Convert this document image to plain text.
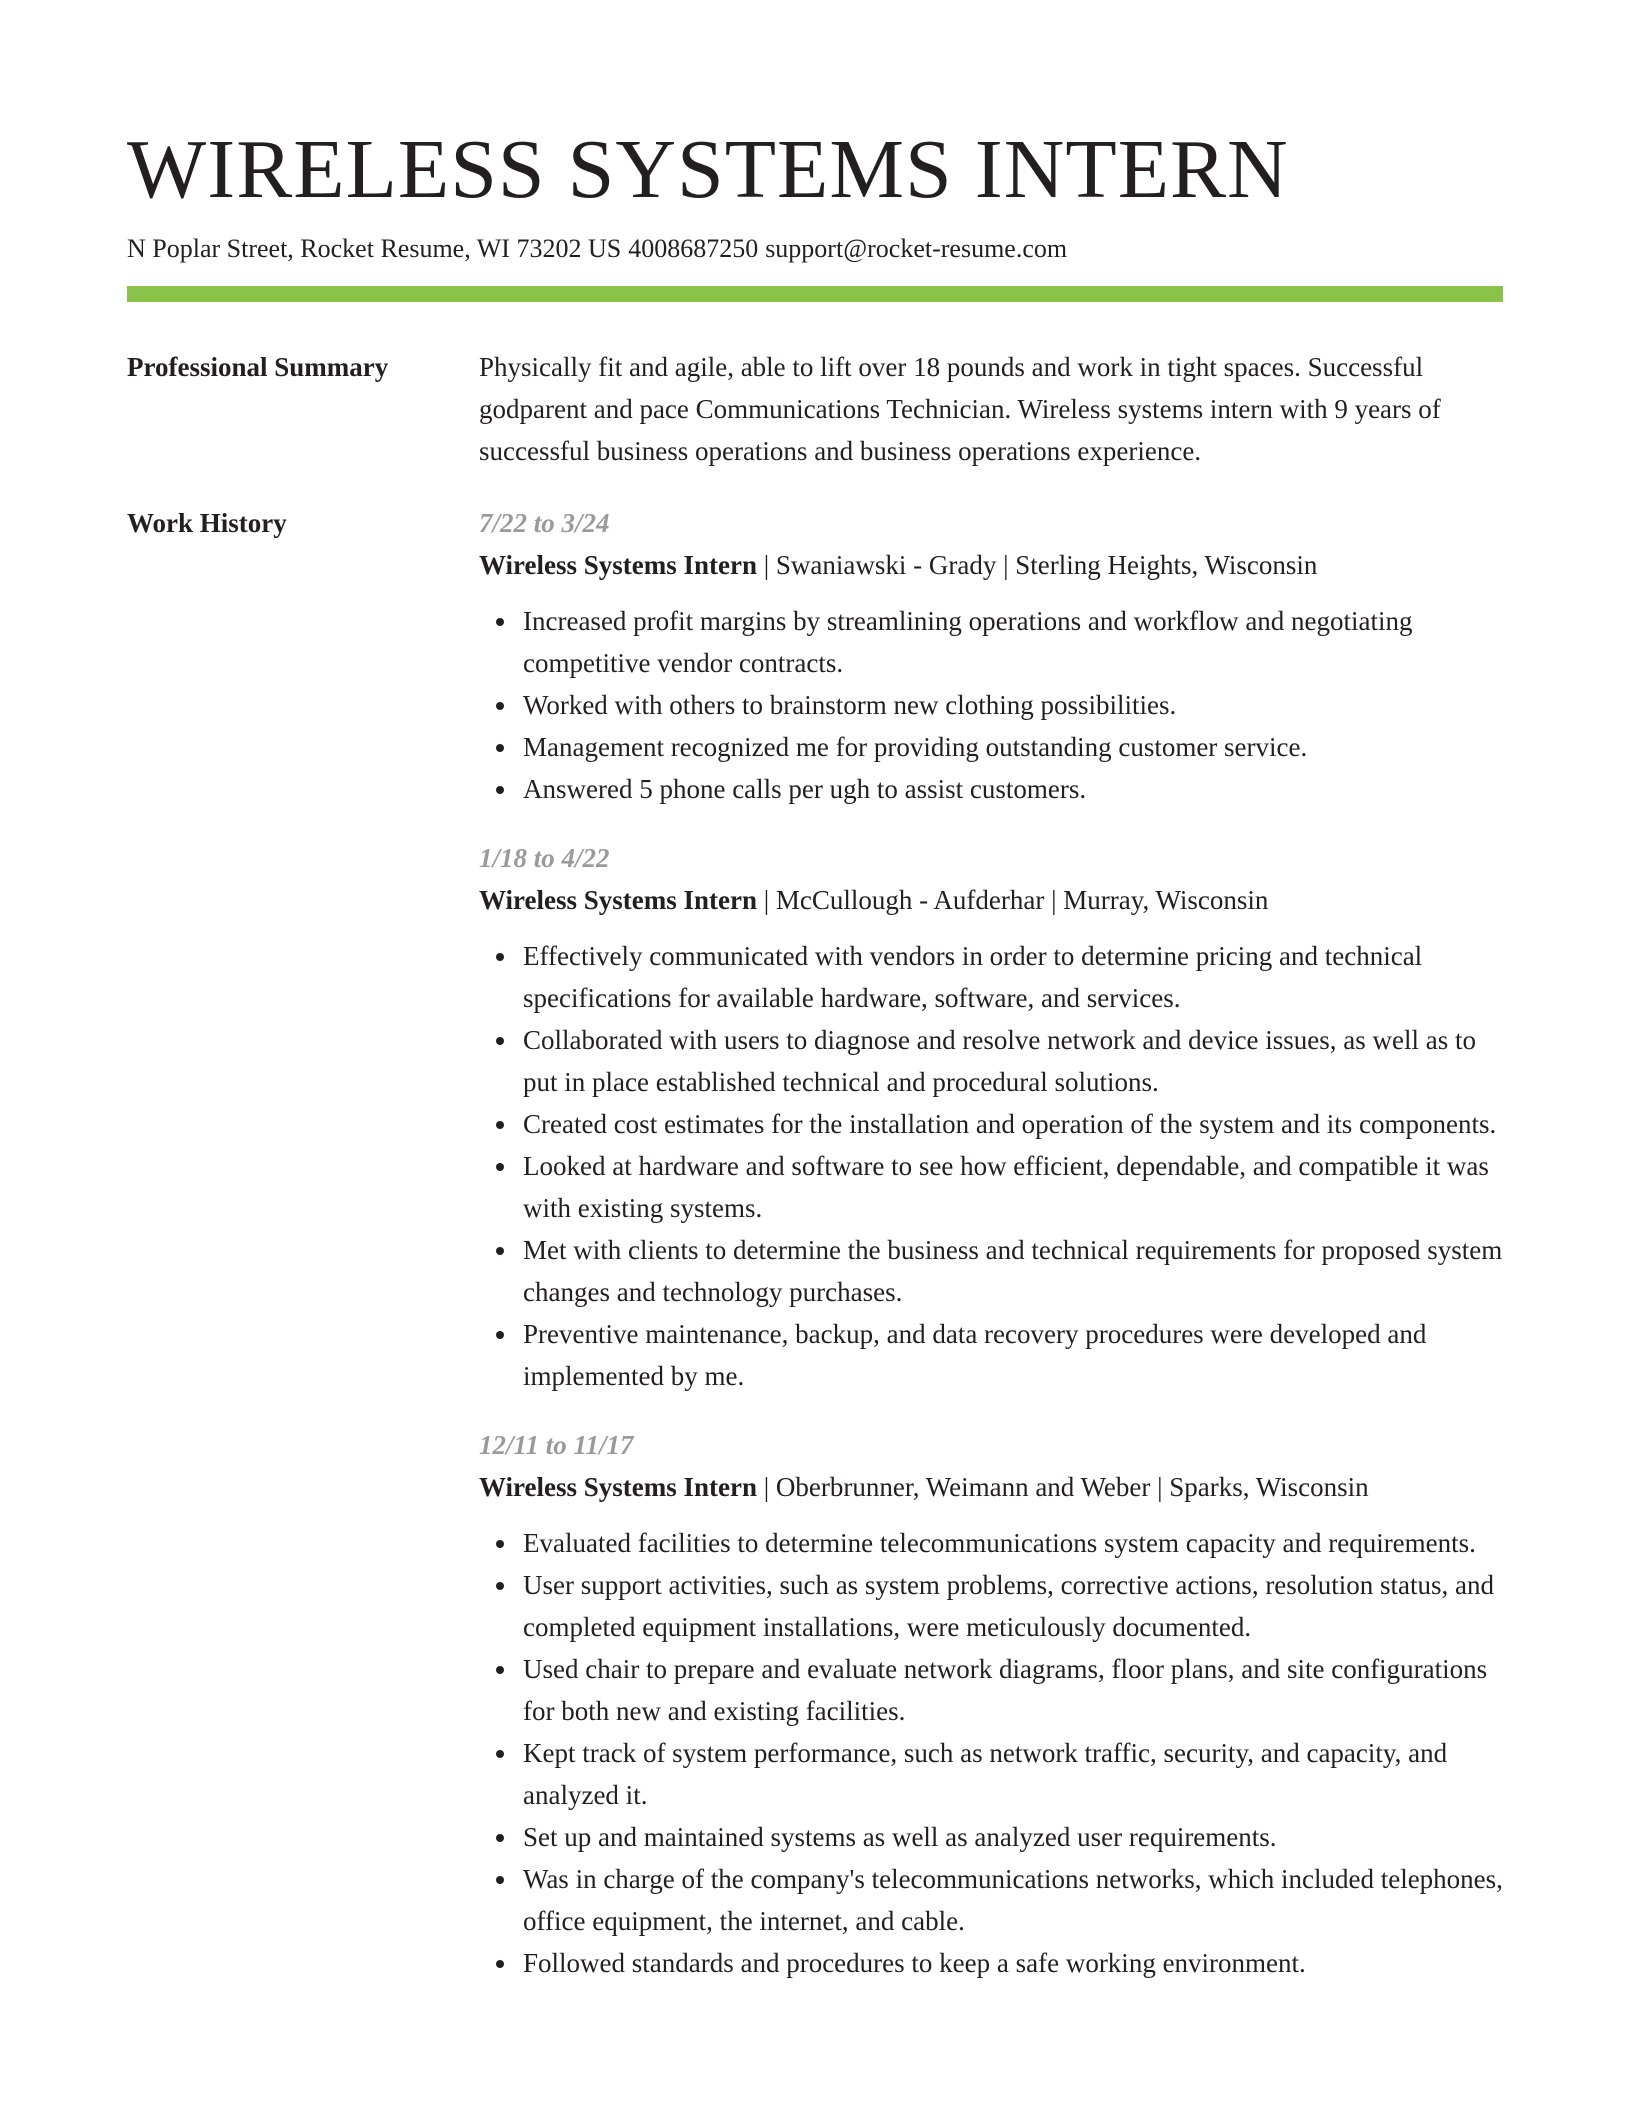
WIRELESS SYSTEMS INTERN
N Poplar Street, Rocket Resume, WI 73202 US 4008687250 support@rocket-resume.com
Professional Summary	Physically fit and agile, able to lift over 18 pounds and work in tight spaces. Successful godparent and pace Communications Technician. Wireless systems intern with 9 years of successful business operations and business operations experience.

Work History	7/22 to 3/24
Wireless Systems Intern | Swaniawski - Grady | Sterling Heights, Wisconsin
Increased profit margins by streamlining operations and workflow and negotiating competitive vendor contracts.
Worked with others to brainstorm new clothing possibilities.
Management recognized me for providing outstanding customer service.
Answered 5 phone calls per ugh to assist customers.
1/18 to 4/22
Wireless Systems Intern | McCullough - Aufderhar | Murray, Wisconsin
Effectively communicated with vendors in order to determine pricing and technical specifications for available hardware, software, and services.
Collaborated with users to diagnose and resolve network and device issues, as well as to put in place established technical and procedural solutions.
Created cost estimates for the installation and operation of the system and its components.
Looked at hardware and software to see how efficient, dependable, and compatible it was with existing systems.
Met with clients to determine the business and technical requirements for proposed system changes and technology purchases.
Preventive maintenance, backup, and data recovery procedures were developed and implemented by me.
12/11 to 11/17
Wireless Systems Intern | Oberbrunner, Weimann and Weber | Sparks, Wisconsin
Evaluated facilities to determine telecommunications system capacity and requirements.
User support activities, such as system problems, corrective actions, resolution status, and completed equipment installations, were meticulously documented.
Used chair to prepare and evaluate network diagrams, floor plans, and site configurations for both new and existing facilities.
Kept track of system performance, such as network traffic, security, and capacity, and analyzed it.
Set up and maintained systems as well as analyzed user requirements.
Was in charge of the company's telecommunications networks, which included telephones, office equipment, the internet, and cable.
Followed standards and procedures to keep a safe working environment.
